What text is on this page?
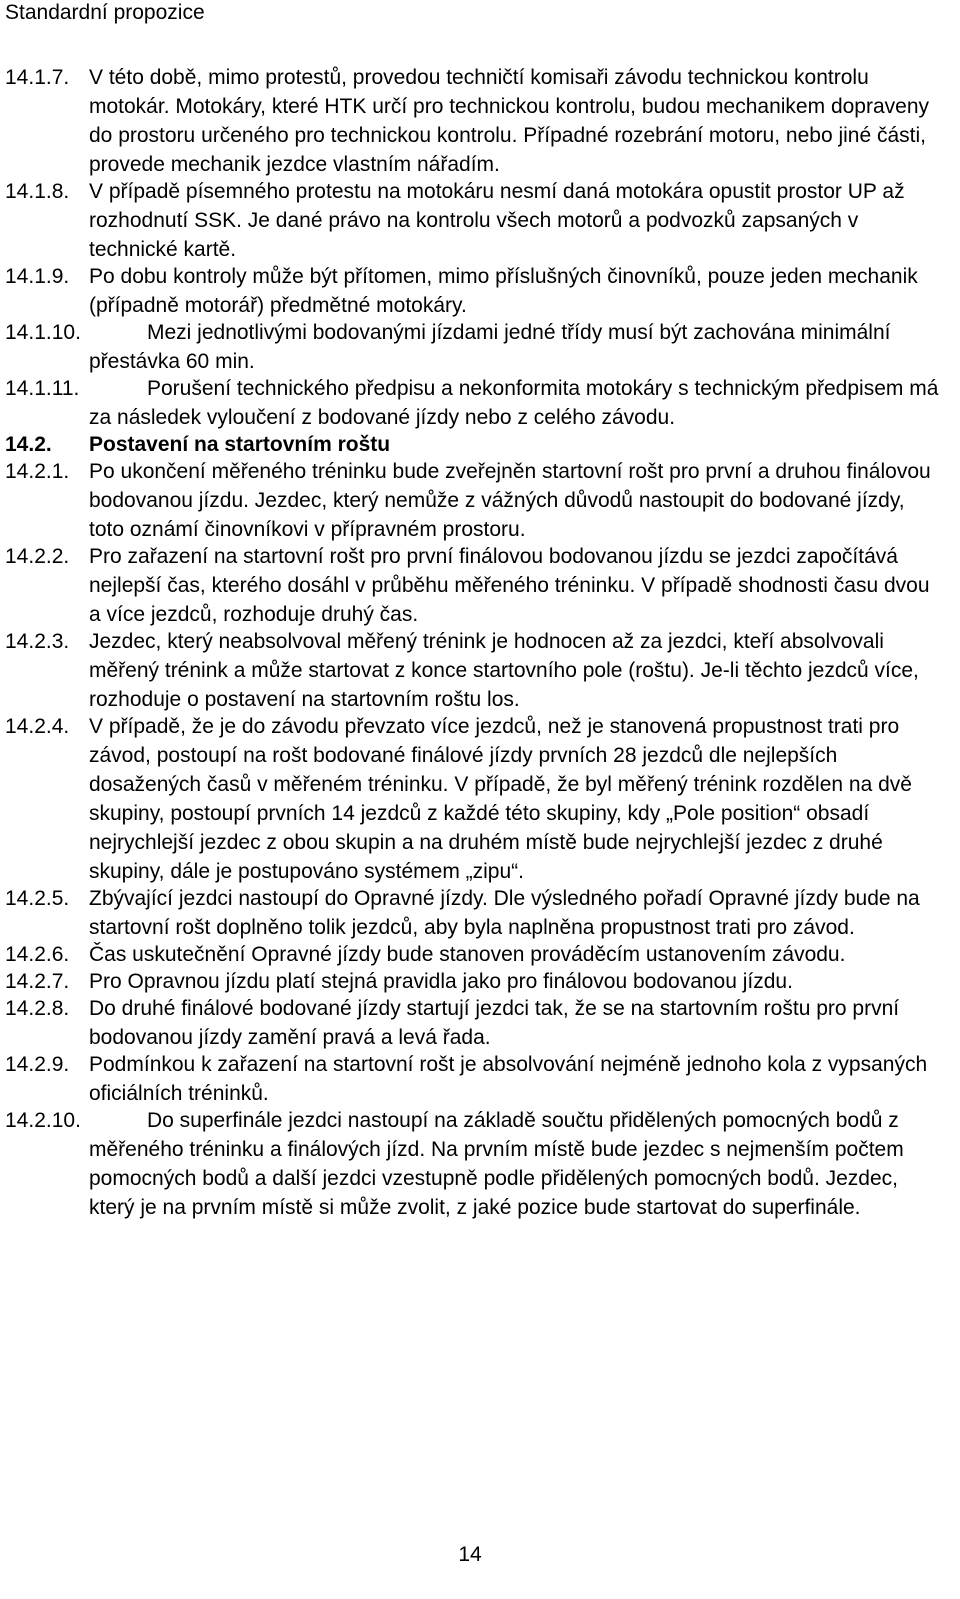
Standardní propozice
14.1.7. V této době, mimo protestů, provedou techničtí komisaři závodu technickou kontrolu motokár. Motokáry, které HTK určí pro technickou kontrolu, budou mechanikem dopraveny do prostoru určeného pro technickou kontrolu. Případné rozebrání motoru, nebo jiné části, provede mechanik jezdce vlastním nářadím.
14.1.8. V případě písemného protestu na motokáru nesmí daná motokára opustit prostor UP až rozhodnutí SSK. Je dané právo na kontrolu všech motorů a podvozků zapsaných v technické kartě.
14.1.9. Po dobu kontroly může být přítomen, mimo příslušných činovníků, pouze jeden mechanik (případně motorář) předmětné motokáry.
14.1.10.	Mezi jednotlivými bodovanými jízdami jedné třídy musí být zachována minimální přestávka 60 min.
14.1.11.	Porušení technického předpisu a nekonformita motokáry s technickým předpisem má za následek vyloučení z bodované jízdy nebo z celého závodu.
14.2. Postavení na startovním roštu
14.2.1. Po ukončení měřeného tréninku bude zveřejněn startovní rošt pro první a druhou finálovou bodovanou jízdu. Jezdec, který nemůže z vážných důvodů nastoupit do bodované jízdy, toto oznámí činovníkovi v přípravném prostoru.
14.2.2. Pro zařazení na startovní rošt pro první finálovou bodovanou jízdu se jezdci započítává nejlepší čas, kterého dosáhl v průběhu měřeného tréninku. V případě shodnosti času dvou a více jezdců, rozhoduje druhý čas.
14.2.3. Jezdec, který neabsolvoval měřený trénink je hodnocen až za jezdci, kteří absolvovali měřený trénink a může startovat z konce startovního pole (roštu). Je-li těchto jezdců více, rozhoduje o postavení na startovním roštu los.
14.2.4. V případě, že je do závodu převzato více jezdců, než je stanovená propustnost trati pro závod, postoupí na rošt bodované finálové jízdy prvních 28 jezdců dle nejlepších dosažených časů v měřeném tréninku. V případě, že byl měřený trénink rozdělen na dvě skupiny, postoupí prvních 14 jezdců z každé této skupiny, kdy „Pole position“ obsadí nejrychlejší jezdec z obou skupin a na druhém místě bude nejrychlejší jezdec z druhé skupiny, dále je postupováno systémem „zipu“.
14.2.5. Zbývající jezdci nastoupí do Opravné jízdy. Dle výsledného pořadí Opravné jízdy bude na startovní rošt doplněno tolik jezdců, aby byla naplněna propustnost trati pro závod.
14.2.6. Čas uskutečnění Opravné jízdy bude stanoven prováděcím ustanovením závodu.
14.2.7. Pro Opravnou jízdu platí stejná pravidla jako pro finálovou bodovanou jízdu.
14.2.8. Do druhé finálové bodované jízdy startují jezdci tak, že se na startovním roštu pro první bodovanou jízdy zamění pravá a levá řada.
14.2.9. Podmínkou k zařazení na startovní rošt je absolvování nejméně jednoho kola z vypsaných oficiálních tréninků.
14.2.10.	Do superfinále jezdci nastoupí na základě součtu přidělených pomocných bodů z měřeného tréninku a finálových jízd. Na prvním místě bude jezdec s nejmenším počtem pomocných bodů a další jezdci vzestupně podle přidělených pomocných bodů. Jezdec, který je na prvním místě si může zvolit, z jaké pozice bude startovat do superfinále.
14
